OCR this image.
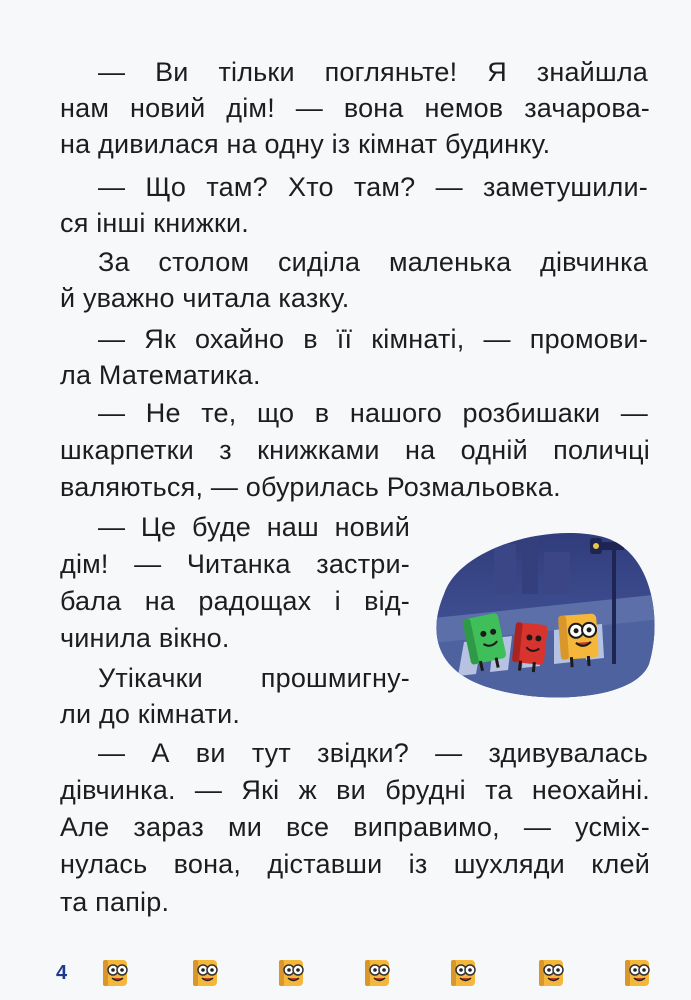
— Ви тільки погляньте! Я знайшла
нам новий дім! — вона немов зачарова-
на дивилася на одну із кімнат будинку.
— Що там? Хто там? — заметушили-
ся інші книжки.
За столом сиділа маленька дівчинка
й уважно читала казку.
— Як охайно в її кімнаті, — промови-
ла Математика.
— Не те, що в нашого розбишаки —
шкарпетки з книжками на одній поличці
валяються, — обурилась Розмальовка.
— Це буде наш новий
дім! — Читанка застри-
бала на радощах і від-
чинила вікно.
Утікачки прошмигну-
ли до кімнати.
— А ви тут звідки? — здивувалась
дівчинка. — Які ж ви брудні та неохайні.
Але зараз ми все виправимо, — усміх-
нулась вона, діставши із шухляди клей
та папір.
4
